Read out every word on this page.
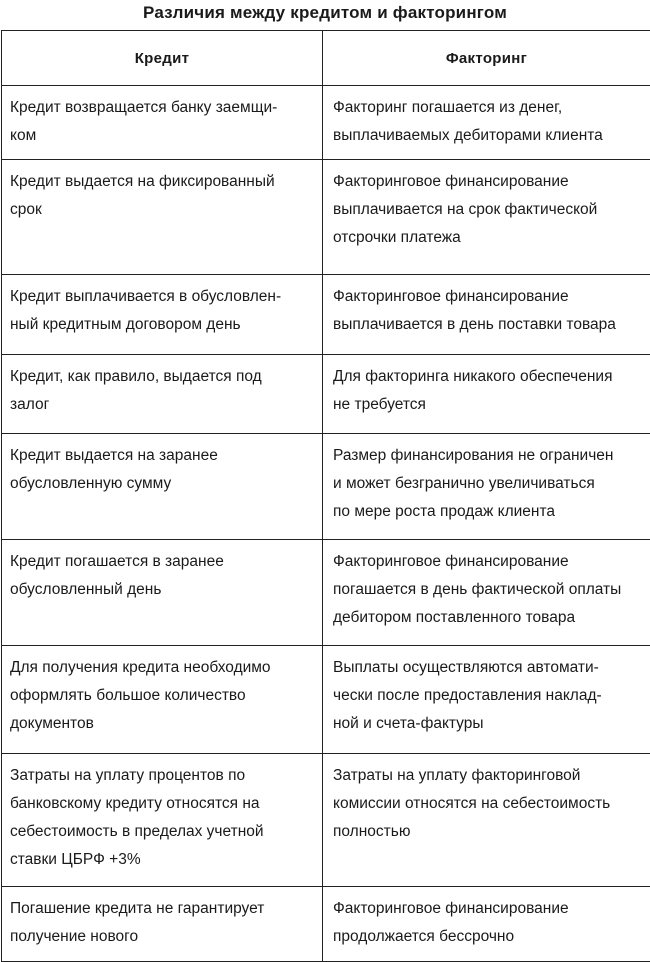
Различия между кредитом и факторингом
Кредит	Факторинг

Кредит возвращается банку заемщи-
ком	Факторинг погашается из денег,
выплачиваемых дебиторами клиента

Кредит выдается на фиксированный
срок	Факторинговое финансирование
выплачивается на срок фактической
отсрочки платежа

Кредит выплачивается в обусловлен-
ный кредитным договором день	Факторинговое финансирование
выплачивается в день поставки товара

Кредит, как правило, выдается под
залог	Для факторинга никакого обеспечения
не требуется

Кредит выдается на заранее
обусловленную сумму	Размер финансирования не ограничен
и может безгранично увеличиваться
по мере роста продаж клиента

Кредит погашается в заранее
обусловленный день	Факторинговое финансирование
погашается в день фактической оплаты
дебитором поставленного товара

Для получения кредита необходимо
оформлять большое количество
документов	Выплаты осуществляются автомати-
чески после предоставления наклад-
ной и счета-фактуры

Затраты на уплату процентов по
банковскому кредиту относятся на
себестоимость в пределах учетной
ставки ЦБРФ +3%	Затраты на уплату факторинговой
комиссии относятся на себестоимость
полностью

Погашение кредита не гарантирует
получение нового	Факторинговое финансирование
продолжается бессрочно
